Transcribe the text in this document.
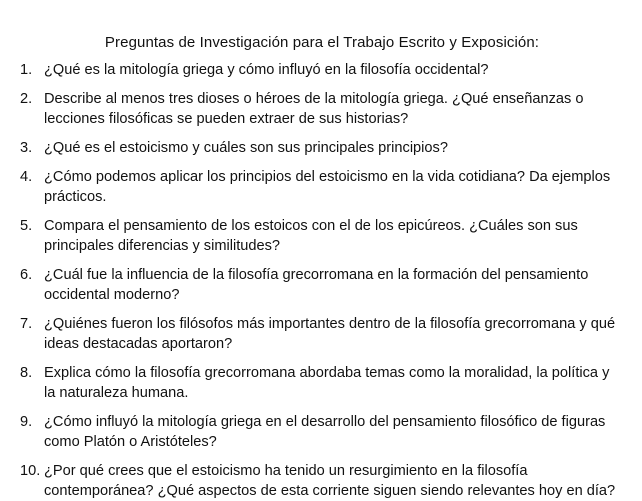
Preguntas de Investigación para el Trabajo Escrito y Exposición:
1. ¿Qué es la mitología griega y cómo influyó en la filosofía occidental?
2. Describe al menos tres dioses o héroes de la mitología griega. ¿Qué enseñanzas o lecciones filosóficas se pueden extraer de sus historias?
3. ¿Qué es el estoicismo y cuáles son sus principales principios?
4. ¿Cómo podemos aplicar los principios del estoicismo en la vida cotidiana? Da ejemplos prácticos.
5. Compara el pensamiento de los estoicos con el de los epicúreos. ¿Cuáles son sus principales diferencias y similitudes?
6. ¿Cuál fue la influencia de la filosofía grecorromana en la formación del pensamiento occidental moderno?
7. ¿Quiénes fueron los filósofos más importantes dentro de la filosofía grecorromana y qué ideas destacadas aportaron?
8. Explica cómo la filosofía grecorromana abordaba temas como la moralidad, la política y la naturaleza humana.
9. ¿Cómo influyó la mitología griega en el desarrollo del pensamiento filosófico de figuras como Platón o Aristóteles?
10. ¿Por qué crees que el estoicismo ha tenido un resurgimiento en la filosofía contemporánea? ¿Qué aspectos de esta corriente siguen siendo relevantes hoy en día?
